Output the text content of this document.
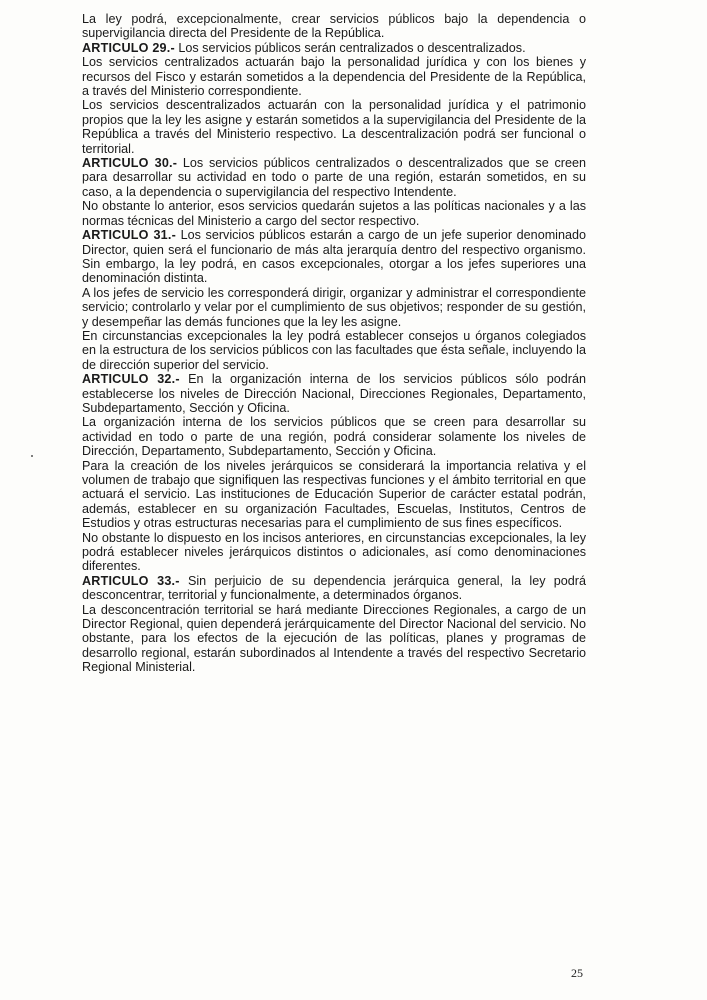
La ley podrá, excepcionalmente, crear servicios públicos bajo la dependencia o supervigilancia directa del Presidente de la República.

ARTICULO 29.- Los servicios públicos serán centralizados o descentralizados.

Los servicios centralizados actuarán bajo la personalidad jurídica y con los bienes y recursos del Fisco y estarán sometidos a la dependencia del Presidente de la República, a través del Ministerio correspondiente.

Los servicios descentralizados actuarán con la personalidad jurídica y el patrimonio propios que la ley les asigne y estarán sometidos a la supervigilancia del Presidente de la República a través del Ministerio respectivo. La descentralización podrá ser funcional o territorial.

ARTICULO 30.- Los servicios públicos centralizados o descentralizados que se creen para desarrollar su actividad en todo o parte de una región, estarán sometidos, en su caso, a la dependencia o supervigilancia del respectivo Intendente.

No obstante lo anterior, esos servicios quedarán sujetos a las políticas nacionales y a las normas técnicas del Ministerio a cargo del sector respectivo.

ARTICULO 31.- Los servicios públicos estarán a cargo de un jefe superior denominado Director, quien será el funcionario de más alta jerarquía dentro del respectivo organismo. Sin embargo, la ley podrá, en casos excepcionales, otorgar a los jefes superiores una denominación distinta.

A los jefes de servicio les corresponderá dirigir, organizar y administrar el correspondiente servicio; controlarlo y velar por el cumplimiento de sus objetivos; responder de su gestión, y desempeñar las demás funciones que la ley les asigne.

En circunstancias excepcionales la ley podrá establecer consejos u órganos colegiados en la estructura de los servicios públicos con las facultades que ésta señale, incluyendo la de dirección superior del servicio.

ARTICULO 32.- En la organización interna de los servicios públicos sólo podrán establecerse los niveles de Dirección Nacional, Direcciones Regionales, Departamento, Subdepartamento, Sección y Oficina.

La organización interna de los servicios públicos que se creen para desarrollar su actividad en todo o parte de una región, podrá considerar solamente los niveles de Dirección, Departamento, Subdepartamento, Sección y Oficina.

Para la creación de los niveles jerárquicos se considerará la importancia relativa y el volumen de trabajo que signifiquen las respectivas funciones y el ámbito territorial en que actuará el servicio. Las instituciones de Educación Superior de carácter estatal podrán, además, establecer en su organización Facultades, Escuelas, Institutos, Centros de Estudios y otras estructuras necesarias para el cumplimiento de sus fines específicos.

No obstante lo dispuesto en los incisos anteriores, en circunstancias excepcionales, la ley podrá establecer niveles jerárquicos distintos o adicionales, así como denominaciones diferentes.

ARTICULO 33.- Sin perjuicio de su dependencia jerárquica general, la ley podrá desconcentrar, territorial y funcionalmente, a determinados órganos.

La desconcentración territorial se hará mediante Direcciones Regionales, a cargo de un Director Regional, quien dependerá jerárquicamente del Director Nacional del servicio. No obstante, para los efectos de la ejecución de las políticas, planes y programas de desarrollo regional, estarán subordinados al Intendente a través del respectivo Secretario Regional Ministerial.

25
